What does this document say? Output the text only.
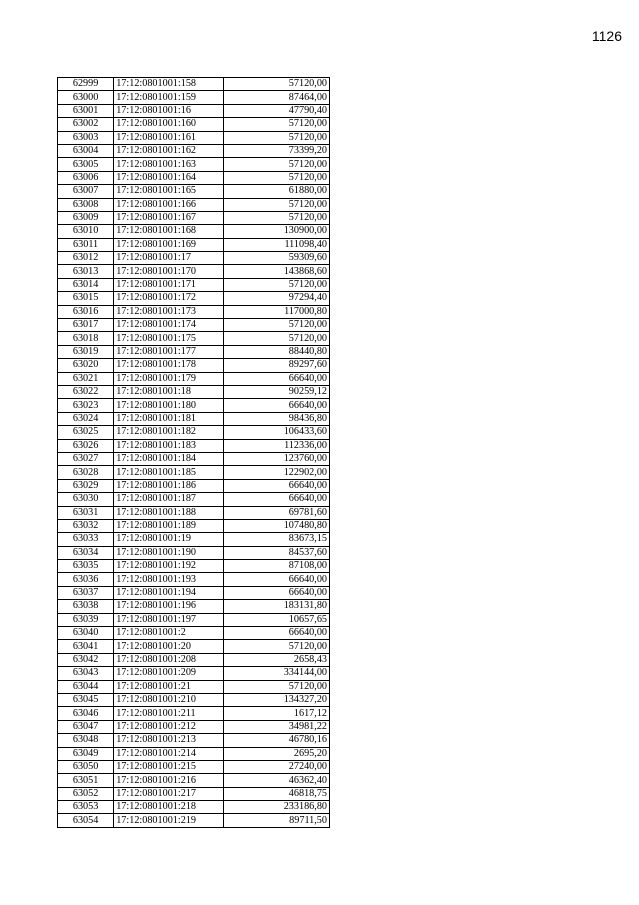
1126
62999	17:12:0801001:158	57120,00
63000	17:12:0801001:159	87464,00
63001	17:12:0801001:16	47790,40
63002	17:12:0801001:160	57120,00
63003	17:12:0801001:161	57120,00
63004	17:12:0801001:162	73399,20
63005	17:12:0801001:163	57120,00
63006	17:12:0801001:164	57120,00
63007	17:12:0801001:165	61880,00
63008	17:12:0801001:166	57120,00
63009	17:12:0801001:167	57120,00
63010	17:12:0801001:168	130900,00
63011	17:12:0801001:169	111098,40
63012	17:12:0801001:17	59309,60
63013	17:12:0801001:170	143868,60
63014	17:12:0801001:171	57120,00
63015	17:12:0801001:172	97294,40
63016	17:12:0801001:173	117000,80
63017	17:12:0801001:174	57120,00
63018	17:12:0801001:175	57120,00
63019	17:12:0801001:177	88440,80
63020	17:12:0801001:178	89297,60
63021	17:12:0801001:179	66640,00
63022	17:12:0801001:18	90259,12
63023	17:12:0801001:180	66640,00
63024	17:12:0801001:181	98436,80
63025	17:12:0801001:182	106433,60
63026	17:12:0801001:183	112336,00
63027	17:12:0801001:184	123760,00
63028	17:12:0801001:185	122902,00
63029	17:12:0801001:186	66640,00
63030	17:12:0801001:187	66640,00
63031	17:12:0801001:188	69781,60
63032	17:12:0801001:189	107480,80
63033	17:12:0801001:19	83673,15
63034	17:12:0801001:190	84537,60
63035	17:12:0801001:192	87108,00
63036	17:12:0801001:193	66640,00
63037	17:12:0801001:194	66640,00
63038	17:12:0801001:196	183131,80
63039	17:12:0801001:197	10657,65
63040	17:12:0801001:2	66640,00
63041	17:12:0801001:20	57120,00
63042	17:12:0801001:208	2658,43
63043	17:12:0801001:209	334144,00
63044	17:12:0801001:21	57120,00
63045	17:12:0801001:210	134327,20
63046	17:12:0801001:211	1617,12
63047	17:12:0801001:212	34981,22
63048	17:12:0801001:213	46780,16
63049	17:12:0801001:214	2695,20
63050	17:12:0801001:215	27240,00
63051	17:12:0801001:216	46362,40
63052	17:12:0801001:217	46818,75
63053	17:12:0801001:218	233186,80
63054	17:12:0801001:219	89711,50
